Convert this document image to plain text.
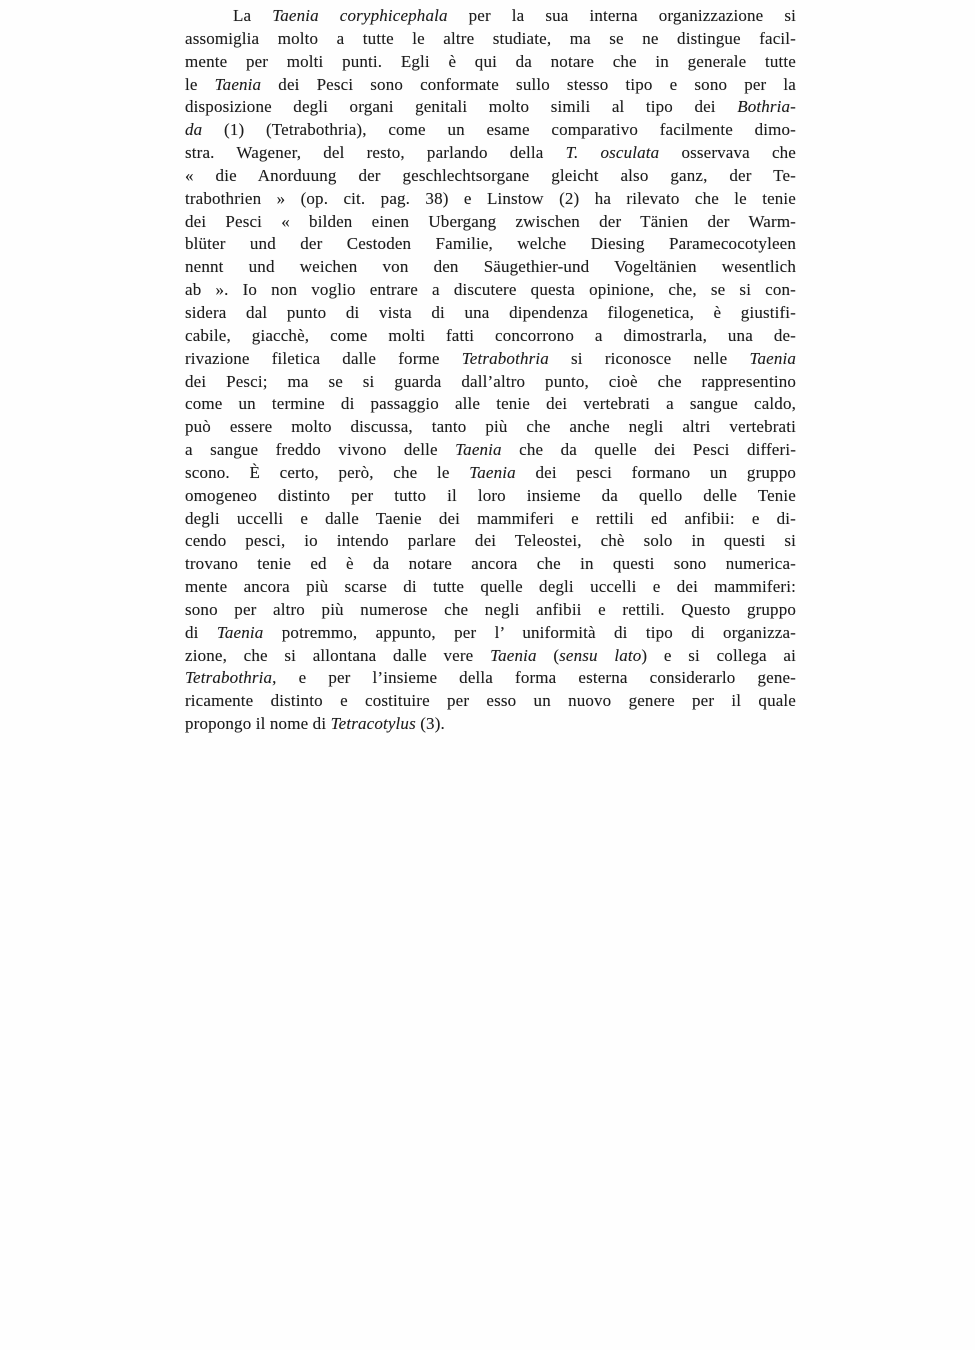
La Taenia coryphicephala per la sua interna organizzazione si
assomiglia molto a tutte le altre studiate, ma se ne distingue facil-
mente per molti punti. Egli è qui da notare che in generale tutte
le Taenia dei Pesci sono conformate sullo stesso tipo e sono per la
disposizione degli organi genitali molto simili al tipo dei Bothria-
da (1) (Tetrabothria), come un esame comparativo facilmente dimo-
stra. Wagener, del resto, parlando della T. osculata osservava che
« die Anorduung der geschlechtsorgane gleicht also ganz, der Te-
trabothrien » (op. cit. pag. 38) e Linstow (2) ha rilevato che le tenie
dei Pesci « bilden einen Ubergang zwischen der Tänien der Warm-
blüter und der Cestoden Familie, welche Diesing Paramecocotyleen
nennt und weichen von den Säugethier-und Vogeltänien wesentlich
ab ». Io non voglio entrare a discutere questa opinione, che, se si con-
sidera dal punto di vista di una dipendenza filogenetica, è giustifi-
cabile, giacchè, come molti fatti concorrono a dimostrarla, una de-
rivazione filetica dalle forme Tetrabothria si riconosce nelle Taenia
dei Pesci; ma se si guarda dall’altro punto, cioè che rappresentino
come un termine di passaggio alle tenie dei vertebrati a sangue caldo,
può essere molto discussa, tanto più che anche negli altri vertebrati
a sangue freddo vivono delle Taenia che da quelle dei Pesci differi-
scono. È certo, però, che le Taenia dei pesci formano un gruppo
omogeneo distinto per tutto il loro insieme da quello delle Tenie
degli uccelli e dalle Taenie dei mammiferi e rettili ed anfibii: e di-
cendo pesci, io intendo parlare dei Teleostei, chè solo in questi si
trovano tenie ed è da notare ancora che in questi sono numerica-
mente ancora più scarse di tutte quelle degli uccelli e dei mammiferi:
sono per altro più numerose che negli anfibii e rettili. Questo gruppo
di Taenia potremmo, appunto, per l’ uniformità di tipo di organizza-
zione, che si allontana dalle vere Taenia (sensu lato) e si collega ai
Tetrabothria, e per l’insieme della forma esterna considerarlo gene-
ricamente distinto e costituire per esso un nuovo genere per il quale
propongo il nome di Tetracotylus (3).
